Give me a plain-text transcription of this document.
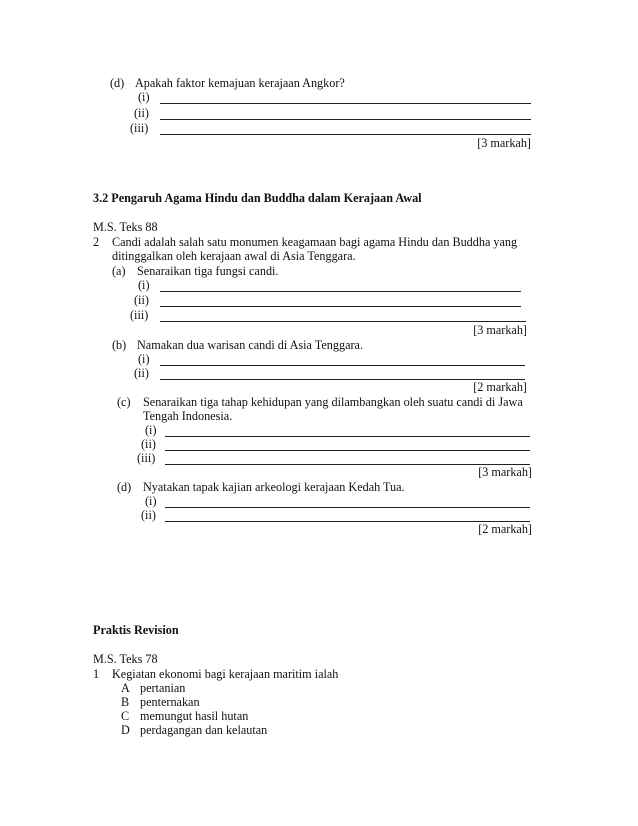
(d) Apakah faktor kemajuan kerajaan Angkor?
(i)
(ii)
(iii)
[3 markah]
3.2 Pengaruh Agama Hindu dan Buddha dalam Kerajaan Awal
M.S. Teks 88
2 Candi adalah salah satu monumen keagamaan bagi agama Hindu dan Buddha yang
ditinggalkan oleh kerajaan awal di Asia Tenggara.
(a) Senaraikan tiga fungsi candi.
(i)
(ii)
(iii)
[3 markah]
(b) Namakan dua warisan candi di Asia Tenggara.
(i)
(ii)
[2 markah]
(c) Senaraikan tiga tahap kehidupan yang dilambangkan oleh suatu candi di Jawa
Tengah Indonesia.
(i)
(ii)
(iii)
[3 markah]
(d) Nyatakan tapak kajian arkeologi kerajaan Kedah Tua.
(i)
(ii)
[2 markah]
Praktis Revision
M.S. Teks 78
1 Kegiatan ekonomi bagi kerajaan maritim ialah
A pertanian
B penternakan
C memungut hasil hutan
D perdagangan dan kelautan
